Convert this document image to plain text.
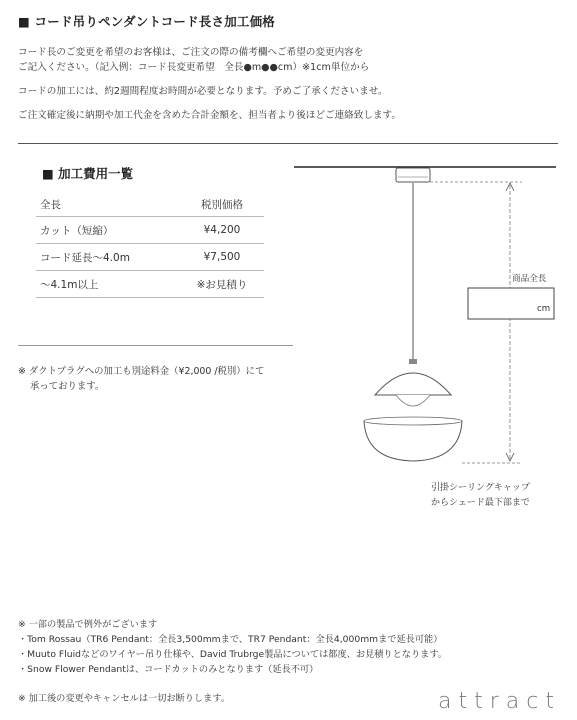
■ コード吊りペンダントコード長さ加工価格
コード長のご変更を希望のお客様は、ご注文の際の備考欄へご希望の変更内容を
ご記入ください。（記入例：コード長変更希望　全長●m●●cm）※1cm単位から
コードの加工には、約2週間程度お時間が必要となります。予めご了承くださいませ。
ご注文確定後に納期や加工代金を含めた合計金額を、担当者より後ほどご連絡致します。
■ 加工費用一覧
全長	税別価格
カット（短縮）	¥4,200
コード延長〜4.0m	¥7,500
〜4.1m以上	※お見積り
※ ダクトプラグへの加工も別途料金（¥2,000 /税別）にて
承っております。
商品全長
cm
引掛シーリングキャップ
からシェード最下部まで
※ 一部の製品で例外がございます
・Tom Rossau（TR6 Pendant：全長3,500mmまで、TR7 Pendant：全長4,000mmまで延長可能）
・Muuto Fluidなどのワイヤー吊り仕様や、David Trubrge製品については都度、お見積りとなります。
・Snow Flower Pendantは、コードカットのみとなります（延長不可）
※ 加工後の変更やキャンセルは一切お断りします。	attract
